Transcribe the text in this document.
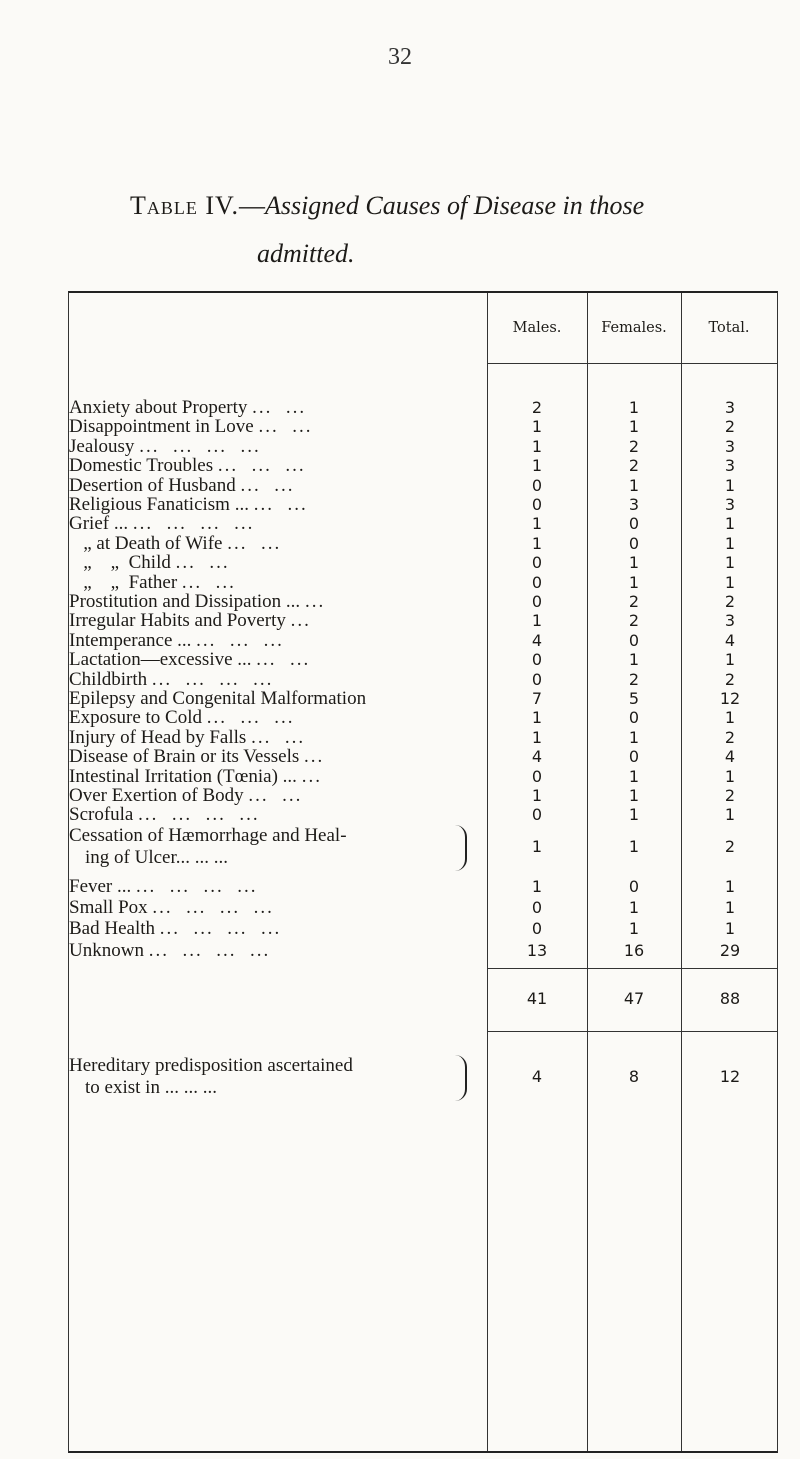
32
Table IV.—Assigned Causes of Disease in those
admitted.
Males.	Females.	Total.
Anxiety about Property ...  ...	2	1	3
Disappointment in Love ...  ...	1	1	2
Jealousy ...  ...  ...  ...	1	2	3
Domestic Troubles ...  ...  ...	1	2	3
Desertion of Husband ...  ...	0	1	1
Religious Fanaticism ... ...  ...	0	3	3
Grief ... ...  ...  ...  ...	1	0	1
„ at Death of Wife ...  ...	1	0	1
„    „  Child ...  ...	0	1	1
„    „  Father ...  ...	0	1	1
Prostitution and Dissipation ... ...	0	2	2
Irregular Habits and Poverty ...	1	2	3
Intemperance ... ...  ...  ...	4	0	4
Lactation—excessive ... ...  ...	0	1	1
Childbirth ...  ...  ...  ...	0	2	2
Epilepsy and Congenital Malformation	7	5	12
Exposure to Cold ...  ...  ...	1	0	1
Injury of Head by Falls ...  ...	1	1	2
Disease of Brain or its Vessels ...	4	0	4
Intestinal Irritation (Tœnia) ... ...	0	1	1
Over Exertion of Body ...  ...	1	1	2
Scrofula ...  ...  ...  ...	0	1	1
Cessation of Hæmorrhage and Heal-
ing of Ulcer... ... ...
1	1	2
Fever ... ...  ...  ...  ...	1	0	1
Small Pox ...  ...  ...  ...	0	1	1
Bad Health ...  ...  ...  ...	0	1	1
Unknown ...  ...  ...  ...	13	16	29
41	47	88
Hereditary predisposition ascertained
to exist in ... ... ...
4	8	12
